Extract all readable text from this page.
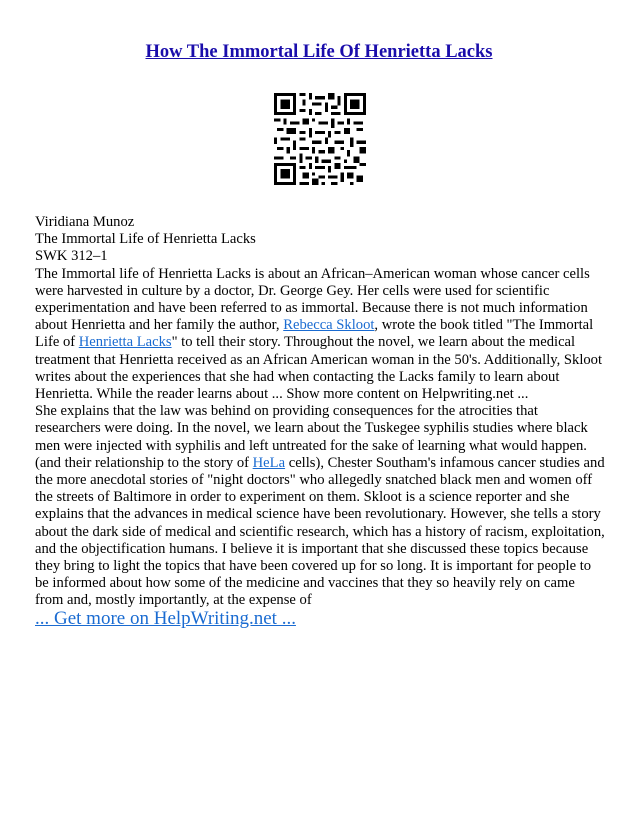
How The Immortal Life Of Henrietta Lacks
Viridiana Munoz
The Immortal Life of Henrietta Lacks
SWK 312–1

The Immortal life of Henrietta Lacks is about an African–American woman whose cancer cells were harvested in culture by a doctor, Dr. George Gey. Her cells were used for scientific experimentation and have been referred to as immortal. Because there is not much information about Henrietta and her family the author, Rebecca Skloot, wrote the book titled "The Immortal Life of Henrietta Lacks" to tell their story. Throughout the novel, we learn about the medical treatment that Henrietta received as an African American woman in the 50's. Additionally, Skloot writes about the experiences that she had when contacting the Lacks family to learn about Henrietta. While the reader learns about ... Show more content on Helpwriting.net ...

She explains that the law was behind on providing consequences for the atrocities that researchers were doing. In the novel, we learn about the Tuskegee syphilis studies where black men were injected with syphilis and left untreated for the sake of learning what would happen. (and their relationship to the story of HeLa cells), Chester Southam's infamous cancer studies and the more anecdotal stories of "night doctors" who allegedly snatched black men and women off the streets of Baltimore in order to experiment on them. Skloot is a science reporter and she explains that the advances in medical science have been revolutionary. However, she tells a story about the dark side of medical and scientific research, which has a history of racism, exploitation, and the objectification humans. I believe it is important that she discussed these topics because they bring to light the topics that have been covered up for so long. It is important for people to be informed about how some of the medicine and vaccines that they so heavily rely on came from and, mostly importantly, at the expense of

... Get more on HelpWriting.net ...
